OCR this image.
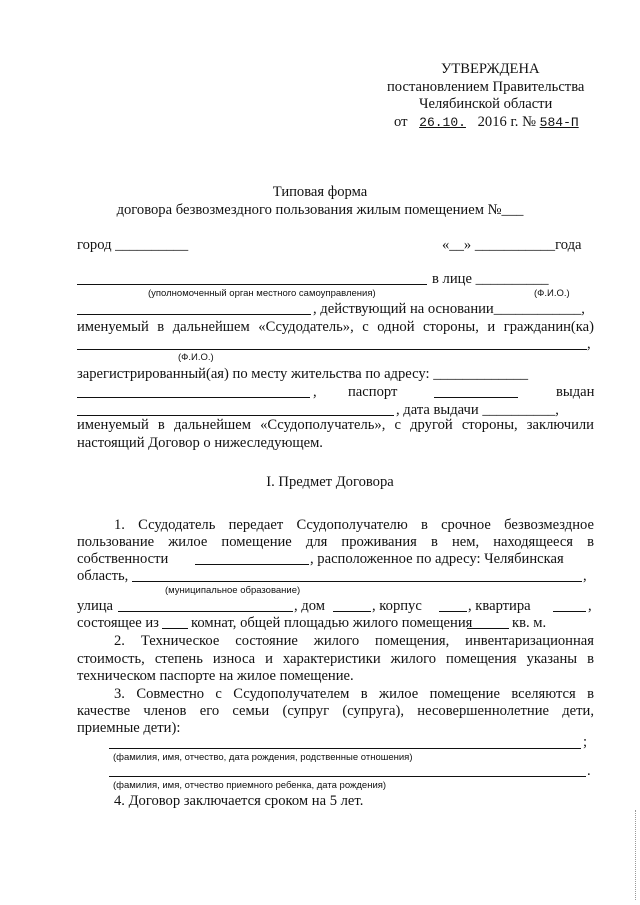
УТВЕРЖДЕНА
постановлением Правительства
Челябинской области
от 26.10. 2016 г. № 584-П
Типовая форма
договора безвозмездного пользования жилым помещением №___
город __________	«__» ___________года
в лице __________
(уполномоченный орган местного самоуправления)	(Ф.И.О.)
, действующий на основании____________,
именуемый в дальнейшем «Ссудодатель», с одной стороны, и гражданин(ка)
,
(Ф.И.О.)
зарегистрированный(ая) по месту жительства по адресу: _____________
, паспорт	выдан
, дата выдачи __________,
именуемый в дальнейшем «Ссудополучатель», с другой стороны, заключили
настоящий Договор о нижеследующем.
I. Предмет Договора
1. Ссудодатель передает Ссудополучателю в срочное безвозмездное
пользование жилое помещение для проживания в нем, находящееся в
собственности	, расположенное по адресу: Челябинская
область,	,
(муниципальное образование)
улица	, дом	, корпус	, квартира	,
состоящее из комнат, общей площадью жилого помещения	кв. м.
2. Техническое состояние жилого помещения, инвентаризационная
стоимость, степень износа и характеристики жилого помещения указаны в
техническом паспорте на жилое помещение.
3. Совместно с Ссудополучателем в жилое помещение вселяются в
качестве членов его семьи (супруг (супруга), несовершеннолетние дети,
приемные дети):
;
(фамилия, имя, отчество, дата рождения, родственные отношения)
.
(фамилия, имя, отчество приемного ребенка, дата рождения)
4. Договор заключается сроком на 5 лет.
